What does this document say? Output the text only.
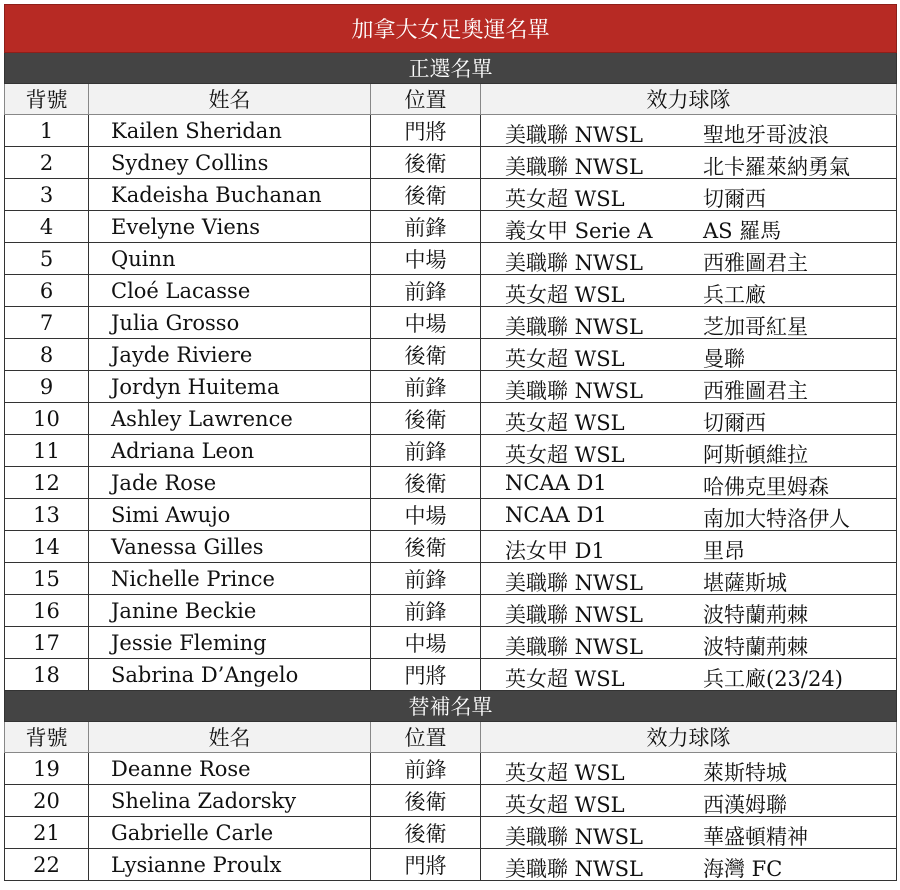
加拿大女足奧運名單			
正選名單			
背號	姓名	位置	效力球隊
1	Kailen Sheridan	門將	美職聯 NWSL 聖地牙哥波浪

2	Sydney Collins	後衛	美職聯 NWSL 北卡羅萊納勇氣

3	Kadeisha Buchanan	後衛	英女超 WSL 切爾西

4	Evelyne Viens	前鋒	義女甲 Serie A AS 羅馬

5	Quinn	中場	美職聯 NWSL 西雅圖君主

6	Cloé Lacasse	前鋒	英女超 WSL 兵工廠

7	Julia Grosso	中場	美職聯 NWSL 芝加哥紅星

8	Jayde Riviere	後衛	英女超 WSL 曼聯

9	Jordyn Huitema	前鋒	美職聯 NWSL 西雅圖君主

10	Ashley Lawrence	後衛	英女超 WSL 切爾西

11	Adriana Leon	前鋒	英女超 WSL 阿斯頓維拉

12	Jade Rose	後衛	NCAA D1 哈佛克里姆森

13	Simi Awujo	中場	NCAA D1 南加大特洛伊人

14	Vanessa Gilles	後衛	法女甲 D1 里昂

15	Nichelle Prince	前鋒	美職聯 NWSL 堪薩斯城

16	Janine Beckie	前鋒	美職聯 NWSL 波特蘭荊棘

17	Jessie Fleming	中場	美職聯 NWSL 波特蘭荊棘

18	Sabrina D’Angelo	門將	英女超 WSL 兵工廠(23/24)

替補名單			
背號	姓名	位置	效力球隊
19	Deanne Rose	前鋒	英女超 WSL 萊斯特城

20	Shelina Zadorsky	後衛	英女超 WSL 西漢姆聯

21	Gabrielle Carle	後衛	美職聯 NWSL 華盛頓精神

22	Lysianne Proulx	門將	美職聯 NWSL 海灣 FC
